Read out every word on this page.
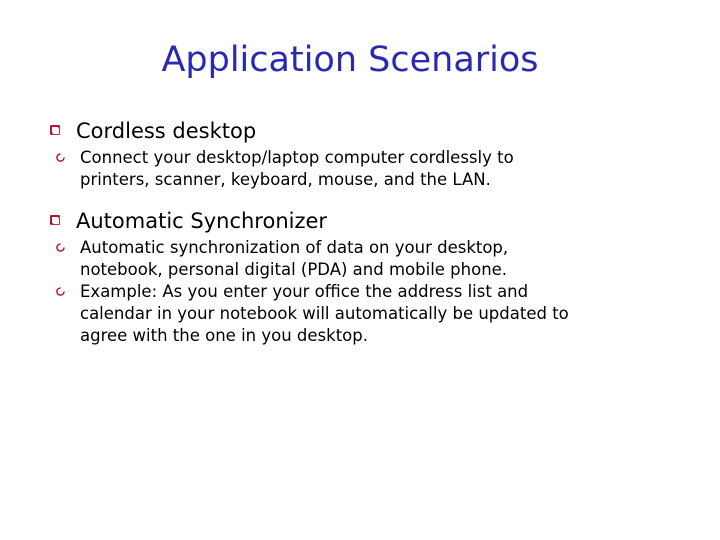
Application Scenarios
Cordless desktop
Connect your desktop/laptop computer cordlessly to
printers, scanner, keyboard, mouse, and the LAN.
Automatic Synchronizer
Automatic synchronization of data on your desktop,
notebook, personal digital (PDA) and mobile phone.
Example: As you enter your office the address list and
calendar in your notebook will automatically be updated to
agree with the one in you desktop.
